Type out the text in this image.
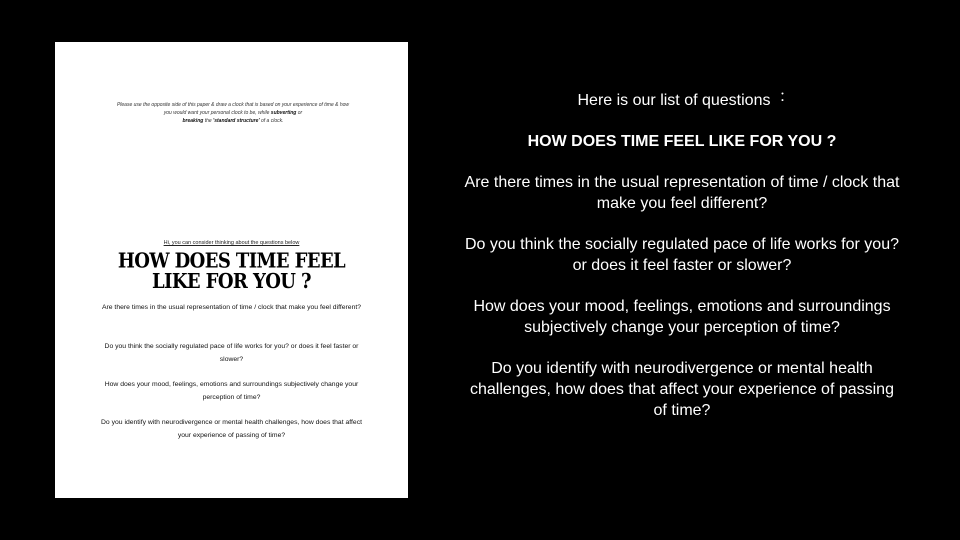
Please use the opposite side of this paper & draw a clock that is based on your experience of time & how you would want your personal clock to be, while subverting or
breaking the 'standard structure' of a clock.
Hi, you can consider thinking about the questions below
HOW DOES TIME FEEL LIKE FOR YOU ?
Are there times in the usual representation of time / clock that make you feel different?
Do you think the socially regulated pace of life works for you? or does it feel faster or slower?
How does your mood, feelings, emotions and surroundings subjectively change your perception of time?
Do you identify with neurodivergence or mental health challenges, how does that affect your experience of passing of time?
Here is our list of questions︓
HOW DOES TIME FEEL LIKE FOR YOU ?
Are there times in the usual representation of time / clock that make you feel different?
Do you think the socially regulated pace of life works for you? or does it feel faster or slower?
How does your mood, feelings, emotions and surroundings subjectively change your perception of time?
Do you identify with neurodivergence or mental health challenges, how does that affect your experience of passing of time?
